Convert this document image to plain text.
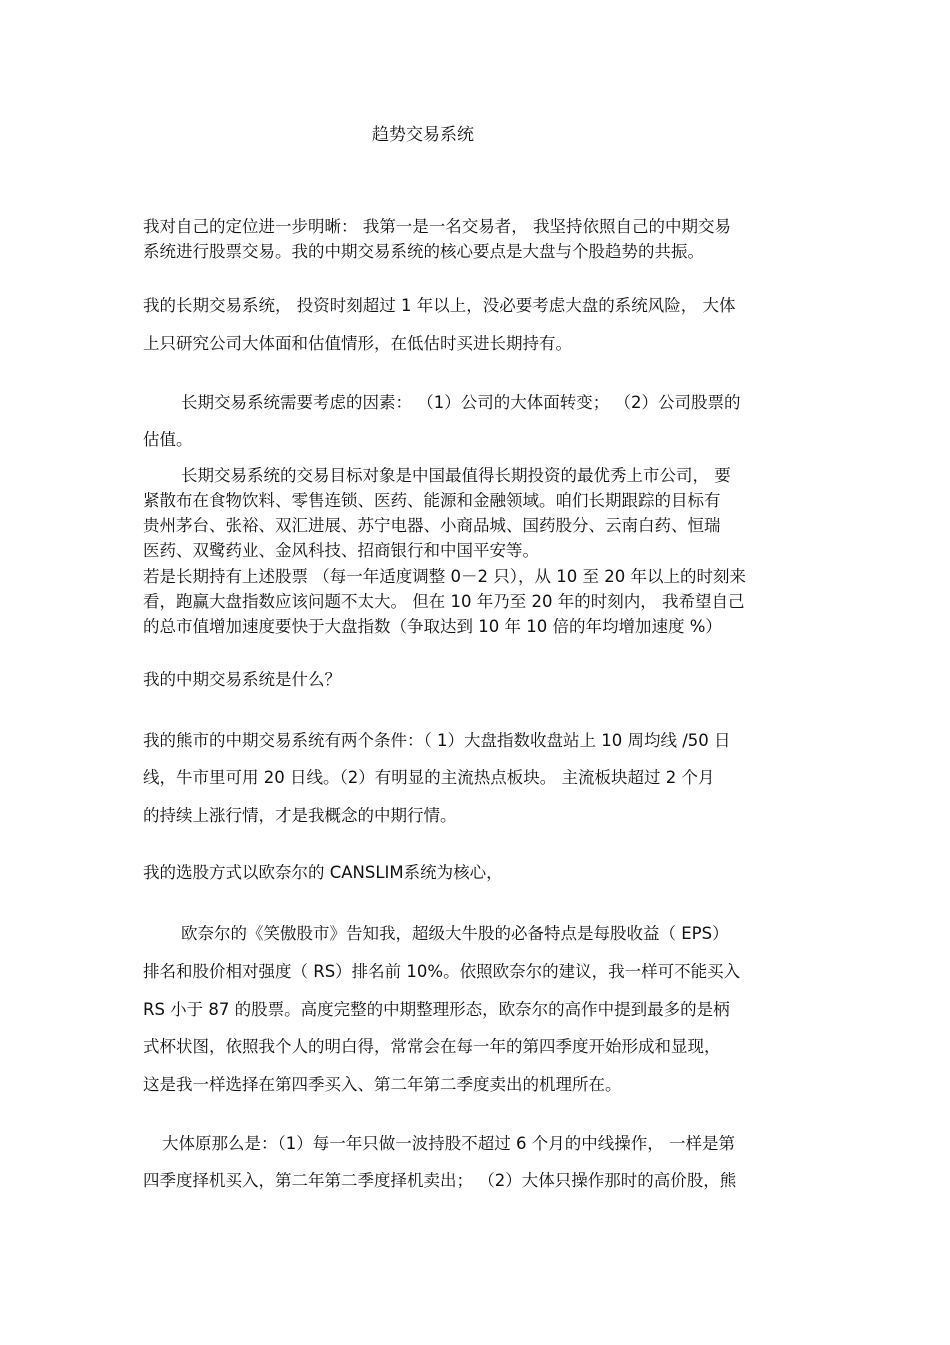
趋势交易系统
我对自己的定位进一步明晰： 我第一是一名交易者， 我坚持依照自己的中期交易
系统进行股票交易。我的中期交易系统的核心要点是大盘与个股趋势的共振。
我的长期交易系统， 投资时刻超过 1 年以上，没必要考虑大盘的系统风险， 大体
上只研究公司大体面和估值情形，在低估时买进长期持有。
长期交易系统需要考虑的因素： （1）公司的大体面转变； （2）公司股票的
估值。
长期交易系统的交易目标对象是中国最值得长期投资的最优秀上市公司， 要
紧散布在食物饮料、零售连锁、医药、能源和金融领域。咱们长期跟踪的目标有
贵州茅台、张裕、双汇进展、苏宁电器、小商品城、国药股分、云南白药、恒瑞
医药、双鹭药业、金风科技、招商银行和中国平安等。
若是长期持有上述股票 （每一年适度调整 0－2 只），从 10 至 20 年以上的时刻来
看，跑赢大盘指数应该问题不太大。 但在 10 年乃至 20 年的时刻内， 我希望自己
的总市值增加速度要快于大盘指数（争取达到 10 年 10 倍的年均增加速度 %）
我的中期交易系统是什么？
我的熊市的中期交易系统有两个条件：（ 1）大盘指数收盘站上 10 周均线 /50 日
线，牛市里可用 20 日线。（2）有明显的主流热点板块。 主流板块超过 2 个月
的持续上涨行情，才是我概念的中期行情。
我的选股方式以欧奈尔的 CANSLIM系统为核心，
欧奈尔的《笑傲股市》告知我，超级大牛股的必备特点是每股收益（ EPS）
排名和股价相对强度（ RS）排名前 10%。依照欧奈尔的建议，我一样可不能买入
RS 小于 87 的股票。高度完整的中期整理形态，欧奈尔的高作中提到最多的是柄
式杯状图，依照我个人的明白得，常常会在每一年的第四季度开始形成和显现，
这是我一样选择在第四季买入、第二年第二季度卖出的机理所在。
大体原那么是：（1）每一年只做一波持股不超过 6 个月的中线操作， 一样是第
四季度择机买入，第二年第二季度择机卖出； （2）大体只操作那时的高价股，熊
